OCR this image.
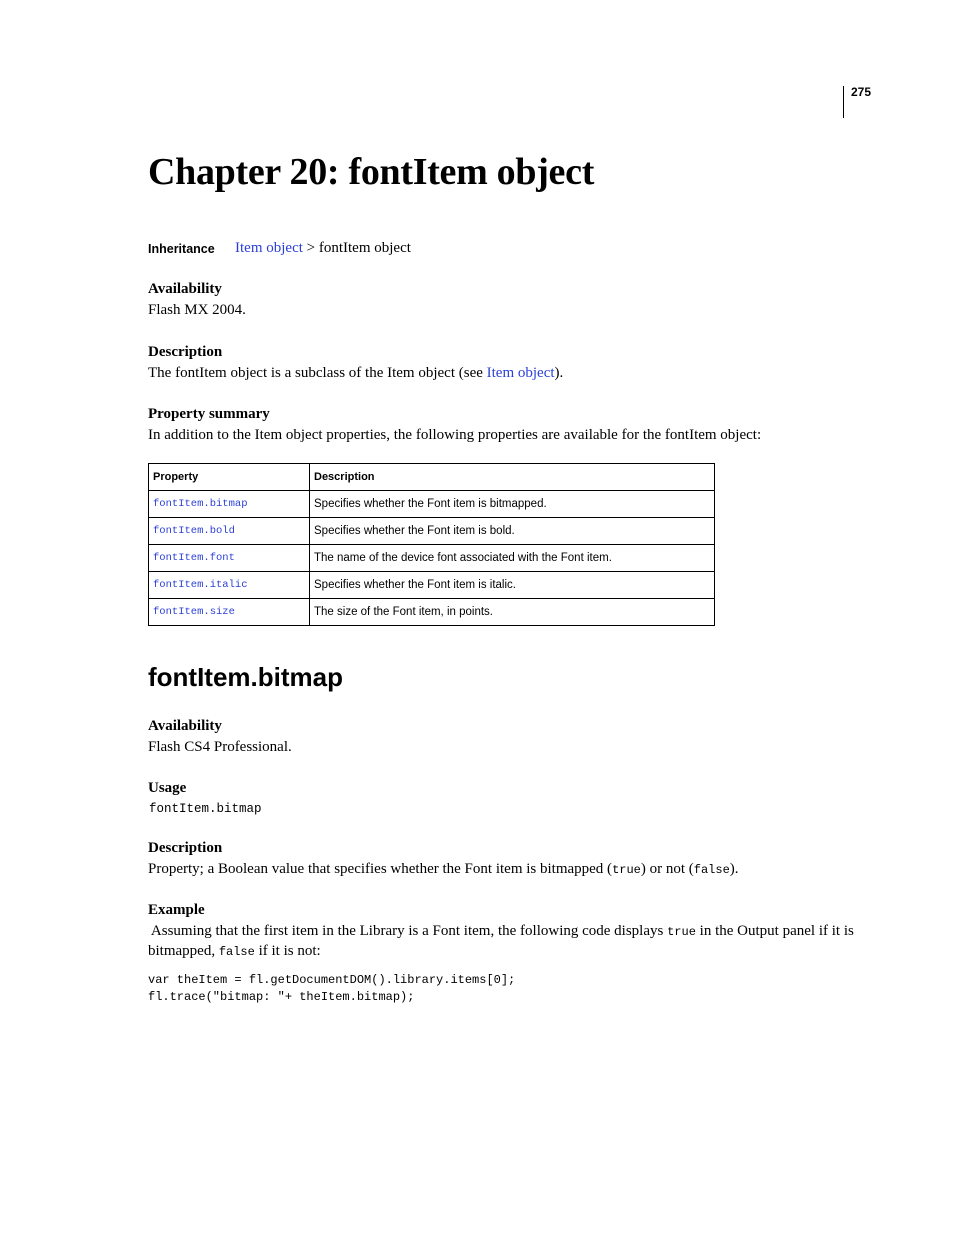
275
Chapter 20: fontItem object
Inheritance Item object > fontItem object
Availability
Flash MX 2004.
Description
The fontItem object is a subclass of the Item object (see Item object).
Property summary
In addition to the Item object properties, the following properties are available for the fontItem object:
Property	Description
fontItem.bitmap	Specifies whether the Font item is bitmapped.
fontItem.bold	Specifies whether the Font item is bold.
fontItem.font	The name of the device font associated with the Font item.
fontItem.italic	Specifies whether the Font item is italic.
fontItem.size	The size of the Font item, in points.
fontItem.bitmap
Availability
Flash CS4 Professional.
Usage
fontItem.bitmap
Description
Property; a Boolean value that specifies whether the Font item is bitmapped (true) or not (false).
Example
Assuming that the first item in the Library is a Font item, the following code displays true in the Output panel if it is
bitmapped, false if it is not:
var theItem = fl.getDocumentDOM().library.items[0];
fl.trace("bitmap: "+ theItem.bitmap);
